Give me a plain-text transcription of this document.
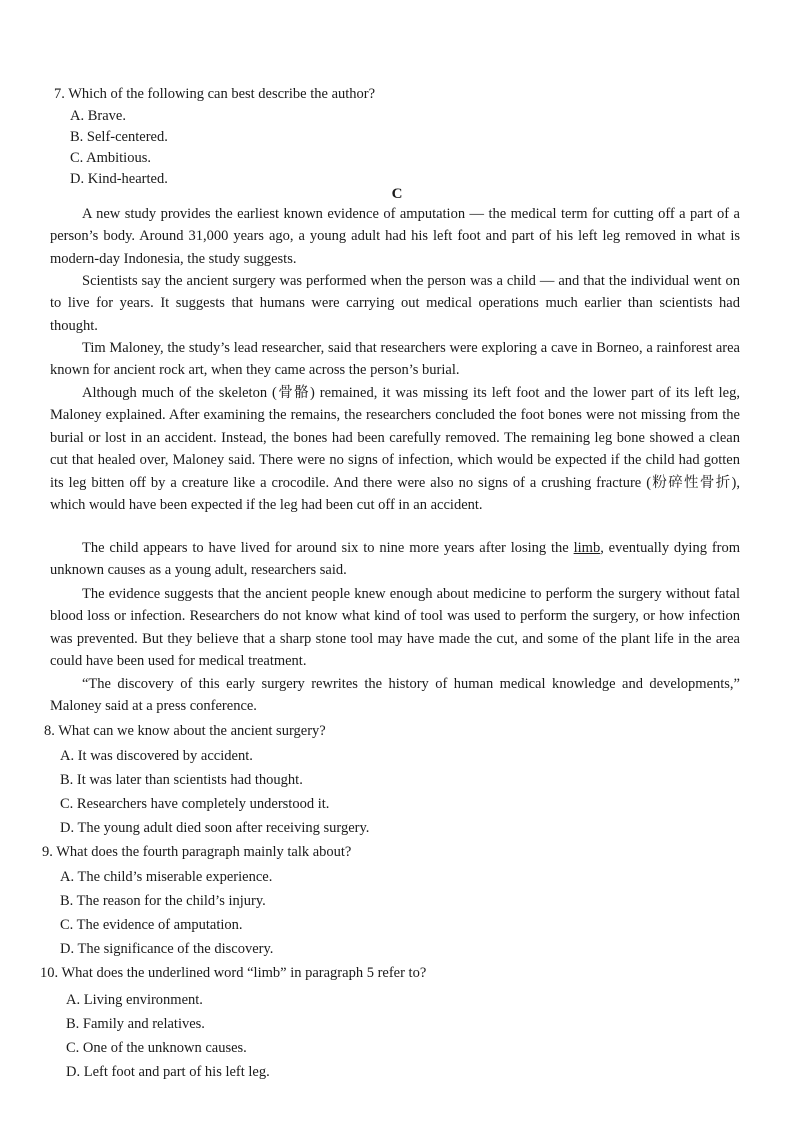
7. Which of the following can best describe the author?
A. Brave.
B. Self-centered.
C. Ambitious.
D. Kind-hearted.
C

A new study provides the earliest known evidence of amputation — the medical term for cutting off a part of a person’s body. Around 31,000 years ago, a young adult had his left foot and part of his left leg removed in what is modern-day Indonesia, the study suggests.

Scientists say the ancient surgery was performed when the person was a child — and that the individual went on to live for years. It suggests that humans were carrying out medical operations much earlier than scientists had thought.

Tim Maloney, the study’s lead researcher, said that researchers were exploring a cave in Borneo, a rainforest area known for ancient rock art, when they came across the person’s burial.

Although much of the skeleton (骨骼) remained, it was missing its left foot and the lower part of its left leg, Maloney explained. After examining the remains, the researchers concluded the foot bones were not missing from the burial or lost in an accident. Instead, the bones had been carefully removed. The remaining leg bone showed a clean cut that healed over, Maloney said. There were no signs of infection, which would be expected if the child had gotten its leg bitten off by a creature like a crocodile. And there were also no signs of a crushing fracture (粉碎性骨折), which would have been expected if the leg had been cut off in an accident.

The child appears to have lived for around six to nine more years after losing the limb, eventually dying from unknown causes as a young adult, researchers said.

The evidence suggests that the ancient people knew enough about medicine to perform the surgery without fatal blood loss or infection. Researchers do not know what kind of tool was used to perform the surgery, or how infection was prevented. But they believe that a sharp stone tool may have made the cut, and some of the plant life in the area could have been used for medical treatment.

“The discovery of this early surgery rewrites the history of human medical knowledge and developments,” Maloney said at a press conference.

8. What can we know about the ancient surgery?
A. It was discovered by accident.
B. It was later than scientists had thought.
C. Researchers have completely understood it.
D. The young adult died soon after receiving surgery.
9. What does the fourth paragraph mainly talk about?
A. The child’s miserable experience.
B. The reason for the child’s injury.
C. The evidence of amputation.
D. The significance of the discovery.
10. What does the underlined word “limb” in paragraph 5 refer to?
A. Living environment.
B. Family and relatives.
C. One of the unknown causes.
D. Left foot and part of his left leg.
